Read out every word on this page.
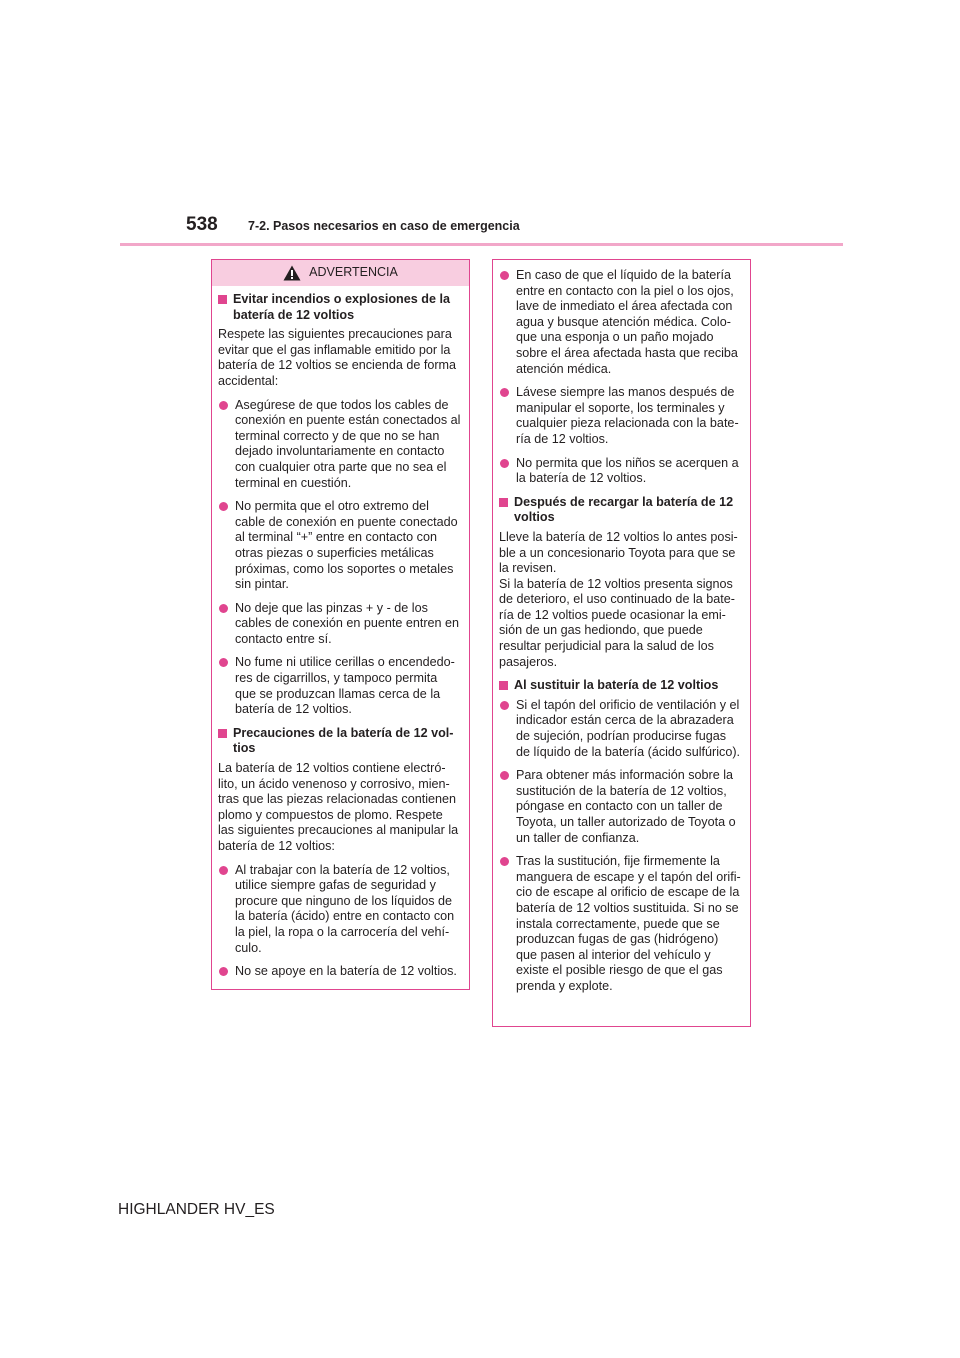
538 7-2. Pasos necesarios en caso de emergencia
ADVERTENCIA
Evitar incendios o explosiones de la batería de 12 voltios
Respete las siguientes precauciones para evitar que el gas inflamable emitido por la batería de 12 voltios se encienda de forma accidental:
Asegúrese de que todos los cables de conexión en puente están conectados al terminal correcto y de que no se han dejado involuntariamente en contacto con cualquier otra parte que no sea el terminal en cuestión.
No permita que el otro extremo del cable de conexión en puente conectado al terminal “+” entre en contacto con otras piezas o superficies metálicas próximas, como los soportes o metales sin pintar.
No deje que las pinzas + y - de los cables de conexión en puente entren en contacto entre sí.
No fume ni utilice cerillas o encendedo-res de cigarrillos, y tampoco permita que se produzcan llamas cerca de la batería de 12 voltios.
Precauciones de la batería de 12 vol-tios
La batería de 12 voltios contiene electró-lito, un ácido venenoso y corrosivo, mien-tras que las piezas relacionadas contienen plomo y compuestos de plomo. Respete las siguientes precauciones al manipular la batería de 12 voltios:
Al trabajar con la batería de 12 voltios, utilice siempre gafas de seguridad y procure que ninguno de los líquidos de la batería (ácido) entre en contacto con la piel, la ropa o la carrocería del vehí-culo.
No se apoye en la batería de 12 voltios.
En caso de que el líquido de la batería entre en contacto con la piel o los ojos, lave de inmediato el área afectada con agua y busque atención médica. Colo-que una esponja o un paño mojado sobre el área afectada hasta que reciba atención médica.
Lávese siempre las manos después de manipular el soporte, los terminales y cualquier pieza relacionada con la bate-ría de 12 voltios.
No permita que los niños se acerquen a la batería de 12 voltios.
Después de recargar la batería de 12 voltios
Lleve la batería de 12 voltios lo antes posi-ble a un concesionario Toyota para que se la revisen.
Si la batería de 12 voltios presenta signos de deterioro, el uso continuado de la bate-ría de 12 voltios puede ocasionar la emi-sión de un gas hediondo, que puede resultar perjudicial para la salud de los pasajeros.
Al sustituir la batería de 12 voltios
Si el tapón del orificio de ventilación y el indicador están cerca de la abrazadera de sujeción, podrían producirse fugas de líquido de la batería (ácido sulfúrico).
Para obtener más información sobre la sustitución de la batería de 12 voltios, póngase en contacto con un taller de Toyota, un taller autorizado de Toyota o un taller de confianza.
Tras la sustitución, fije firmemente la manguera de escape y el tapón del orifi-cio de escape al orificio de escape de la batería de 12 voltios sustituida. Si no se instala correctamente, puede que se produzcan fugas de gas (hidrógeno) que pasen al interior del vehículo y existe el posible riesgo de que el gas prenda y explote.
HIGHLANDER HV_ES
